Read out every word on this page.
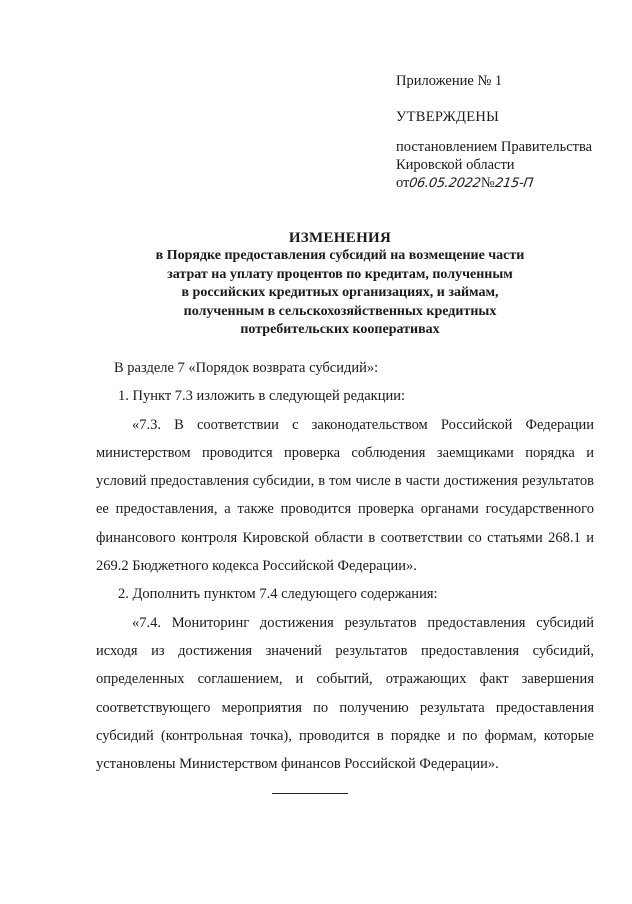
Приложение № 1
УТВЕРЖДЕНЫ
постановлением Правительства
Кировской области
от06.05.2022№215-П
ИЗМЕНЕНИЯ
в Порядке предоставления субсидий на возмещение части
затрат на уплату процентов по кредитам, полученным
в российских кредитных организациях, и займам,
полученным в сельскохозяйственных кредитных
потребительских кооперативах
В разделе 7 «Порядок возврата субсидий»:
1. Пункт 7.3 изложить в следующей редакции:
«7.3. В соответствии с законодательством Российской Федерации министерством проводится проверка соблюдения заемщиками порядка и условий предоставления субсидии, в том числе в части достижения результатов ее предоставления, а также проводится проверка органами государственного финансового контроля Кировской области в соответствии со статьями 268.1 и 269.2 Бюджетного кодекса Российской Федерации».
2. Дополнить пунктом 7.4 следующего содержания:
«7.4. Мониторинг достижения результатов предоставления субсидий исходя из достижения значений результатов предоставления субсидий, определенных соглашением, и событий, отражающих факт завершения соответствующего мероприятия по получению результата предоставления субсидий (контрольная точка), проводится в порядке и по формам, которые установлены Министерством финансов Российской Федерации».
